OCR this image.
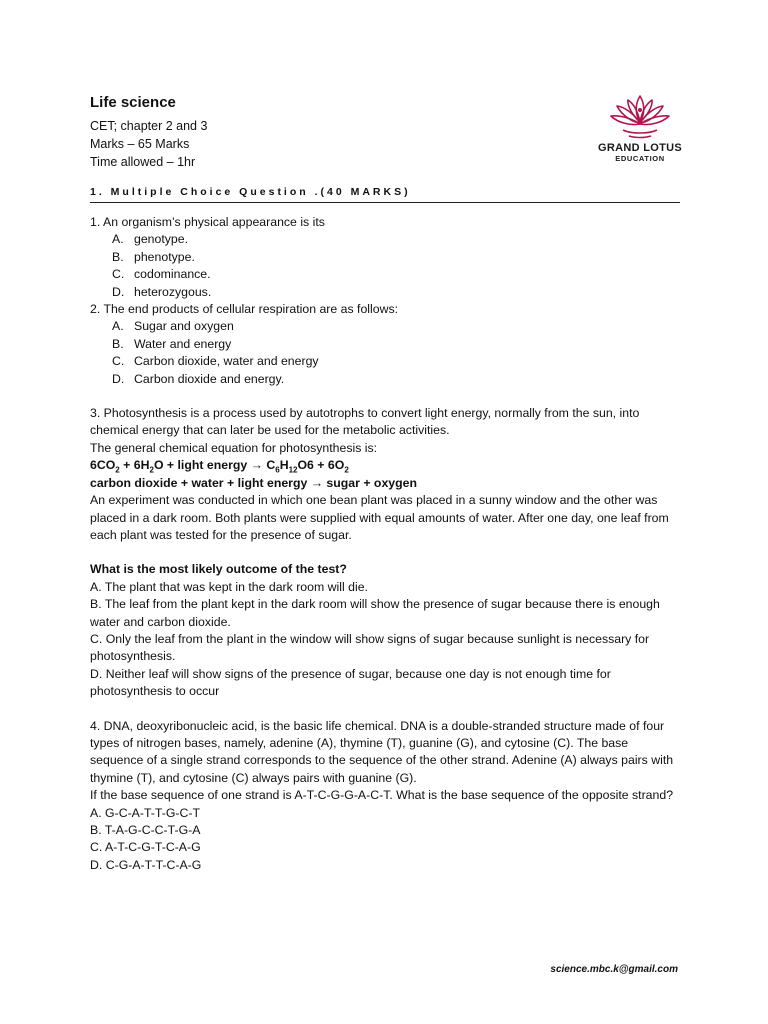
Life science
CET; chapter 2 and 3
Marks – 65 Marks
Time allowed – 1hr
GRAND LOTUS
EDUCATION
1. Multiple Choice Question .(40 MARKS)

1. An organism’s physical appearance is its

A. genotype.
B. phenotype.
C. codominance.
D. heterozygous.

2. The end products of cellular respiration are as follows:

A. Sugar and oxygen
B. Water and energy
C. Carbon dioxide, water and energy
D. Carbon dioxide and energy.

3. Photosynthesis is a process used by autotrophs to convert light energy, normally from the sun, into chemical energy that can later be used for the metabolic activities.

The general chemical equation for photosynthesis is:

$6CO_2 + 6H_2O$ + light energy → $C_6H_{12}O6 + 6O_2$

carbon dioxide + water + light energy → sugar + oxygen

An experiment was conducted in which one bean plant was placed in a sunny window and the other was placed in a dark room. Both plants were supplied with equal amounts of water. After one day, one leaf from each plant was tested for the presence of sugar.

What is the most likely outcome of the test?

A. The plant that was kept in the dark room will die.

B. The leaf from the plant kept in the dark room will show the presence of sugar because there is enough water and carbon dioxide.

C. Only the leaf from the plant in the window will show signs of sugar because sunlight is necessary for photosynthesis.

D. Neither leaf will show signs of the presence of sugar, because one day is not enough time for photosynthesis to occur

4. DNA, deoxyribonucleic acid, is the basic life chemical. DNA is a double-stranded structure made of four types of nitrogen bases, namely, adenine (A), thymine (T), guanine (G), and cytosine (C). The base sequence of a single strand corresponds to the sequence of the other strand. Adenine (A) always pairs with thymine (T), and cytosine (C) always pairs with guanine (G).

If the base sequence of one strand is A-T-C-G-G-A-C-T. What is the base sequence of the opposite strand?

A. G-C-A-T-T-G-C-T

B. T-A-G-C-C-T-G-A

C. A-T-C-G-T-C-A-G

D. C-G-A-T-T-C-A-G

science.mbc.k@gmail.com
